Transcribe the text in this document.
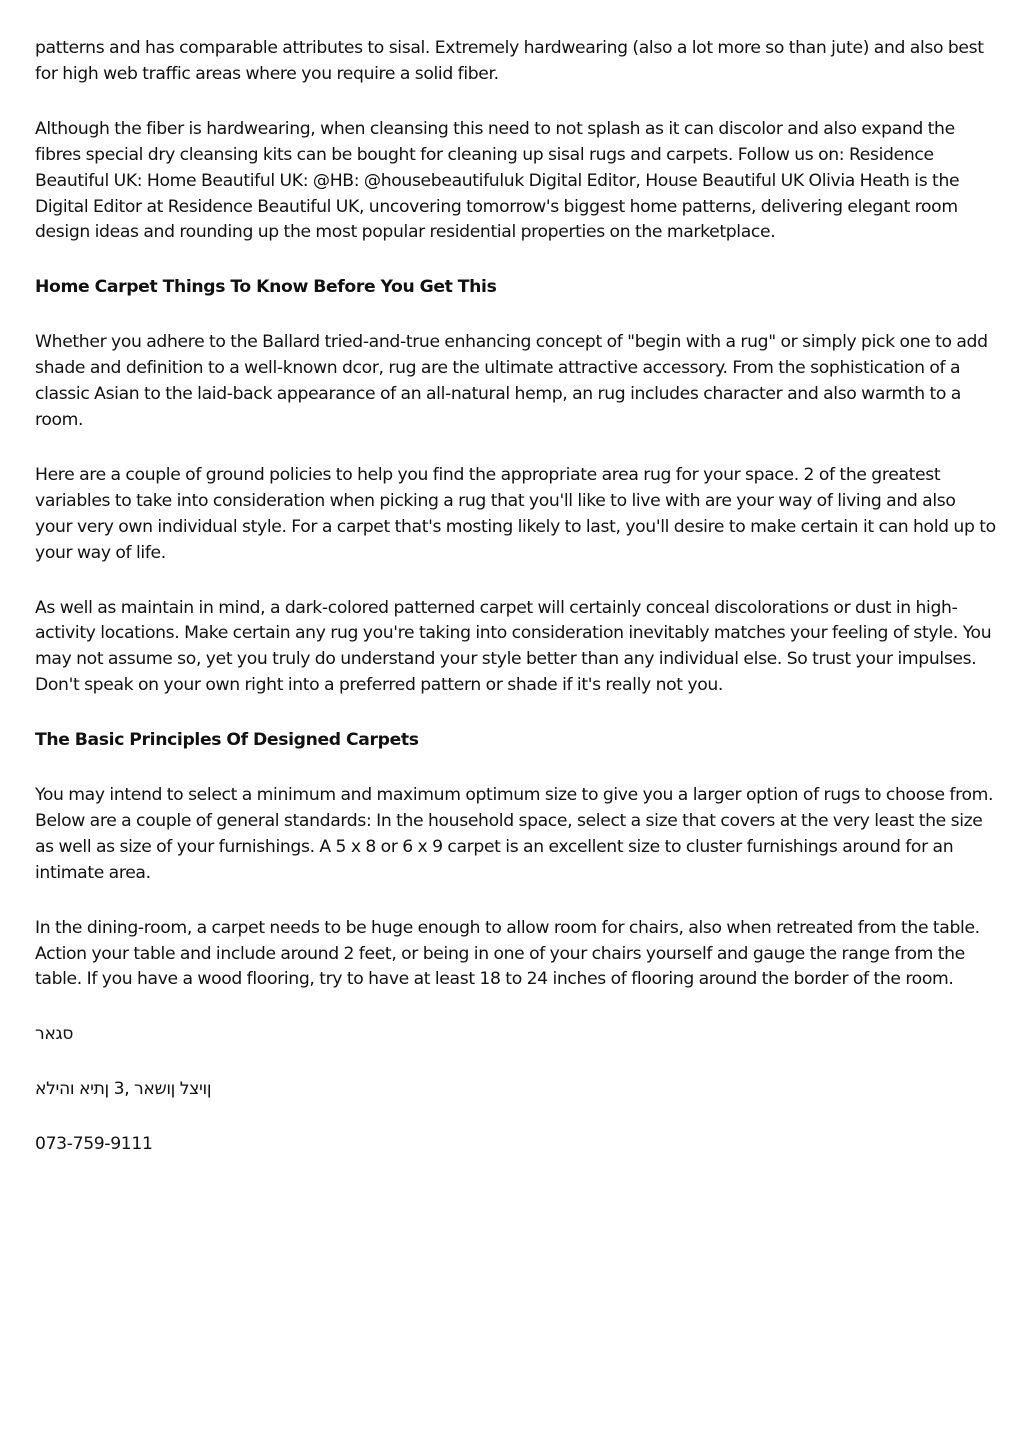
patterns and has comparable attributes to sisal. Extremely hardwearing (also a lot more so than jute) and also best for high web traffic areas where you require a solid fiber.

Although the fiber is hardwearing, when cleansing this need to not splash as it can discolor and also expand the fibres special dry cleansing kits can be bought for cleaning up sisal rugs and carpets. Follow us on: Residence Beautiful UK: Home Beautiful UK: @HB: @housebeautifuluk Digital Editor, House Beautiful UK Olivia Heath is the Digital Editor at Residence Beautiful UK, uncovering tomorrow's biggest home patterns, delivering elegant room design ideas and rounding up the most popular residential properties on the marketplace.

Home Carpet Things To Know Before You Get This

Whether you adhere to the Ballard tried-and-true enhancing concept of "begin with a rug" or simply pick one to add shade and definition to a well-known dcor, rug are the ultimate attractive accessory. From the sophistication of a classic Asian to the laid-back appearance of an all-natural hemp, an rug includes character and also warmth to a room.

Here are a couple of ground policies to help you find the appropriate area rug for your space. 2 of the greatest variables to take into consideration when picking a rug that you'll like to live with are your way of living and also your very own individual style. For a carpet that's mosting likely to last, you'll desire to make certain it can hold up to your way of life.

As well as maintain in mind, a dark-colored patterned carpet will certainly conceal discolorations or dust in high-activity locations. Make certain any rug you're taking into consideration inevitably matches your feeling of style. You may not assume so, yet you truly do understand your style better than any individual else. So trust your impulses. Don't speak on your own right into a preferred pattern or shade if it's really not you.

The Basic Principles Of Designed Carpets

You may intend to select a minimum and maximum optimum size to give you a larger option of rugs to choose from. Below are a couple of general standards: In the household space, select a size that covers at the very least the size as well as size of your furnishings. A 5 x 8 or 6 x 9 carpet is an excellent size to cluster furnishings around for an intimate area.

In the dining-room, a carpet needs to be huge enough to allow room for chairs, also when retreated from the table. Action your table and include around 2 feet, or being in one of your chairs yourself and gauge the range from the table. If you have a wood flooring, try to have at least 18 to 24 inches of flooring around the border of the room.

סגאר

ןויצל ןושאר ,3 ןתיא והילא

073-759-9111
